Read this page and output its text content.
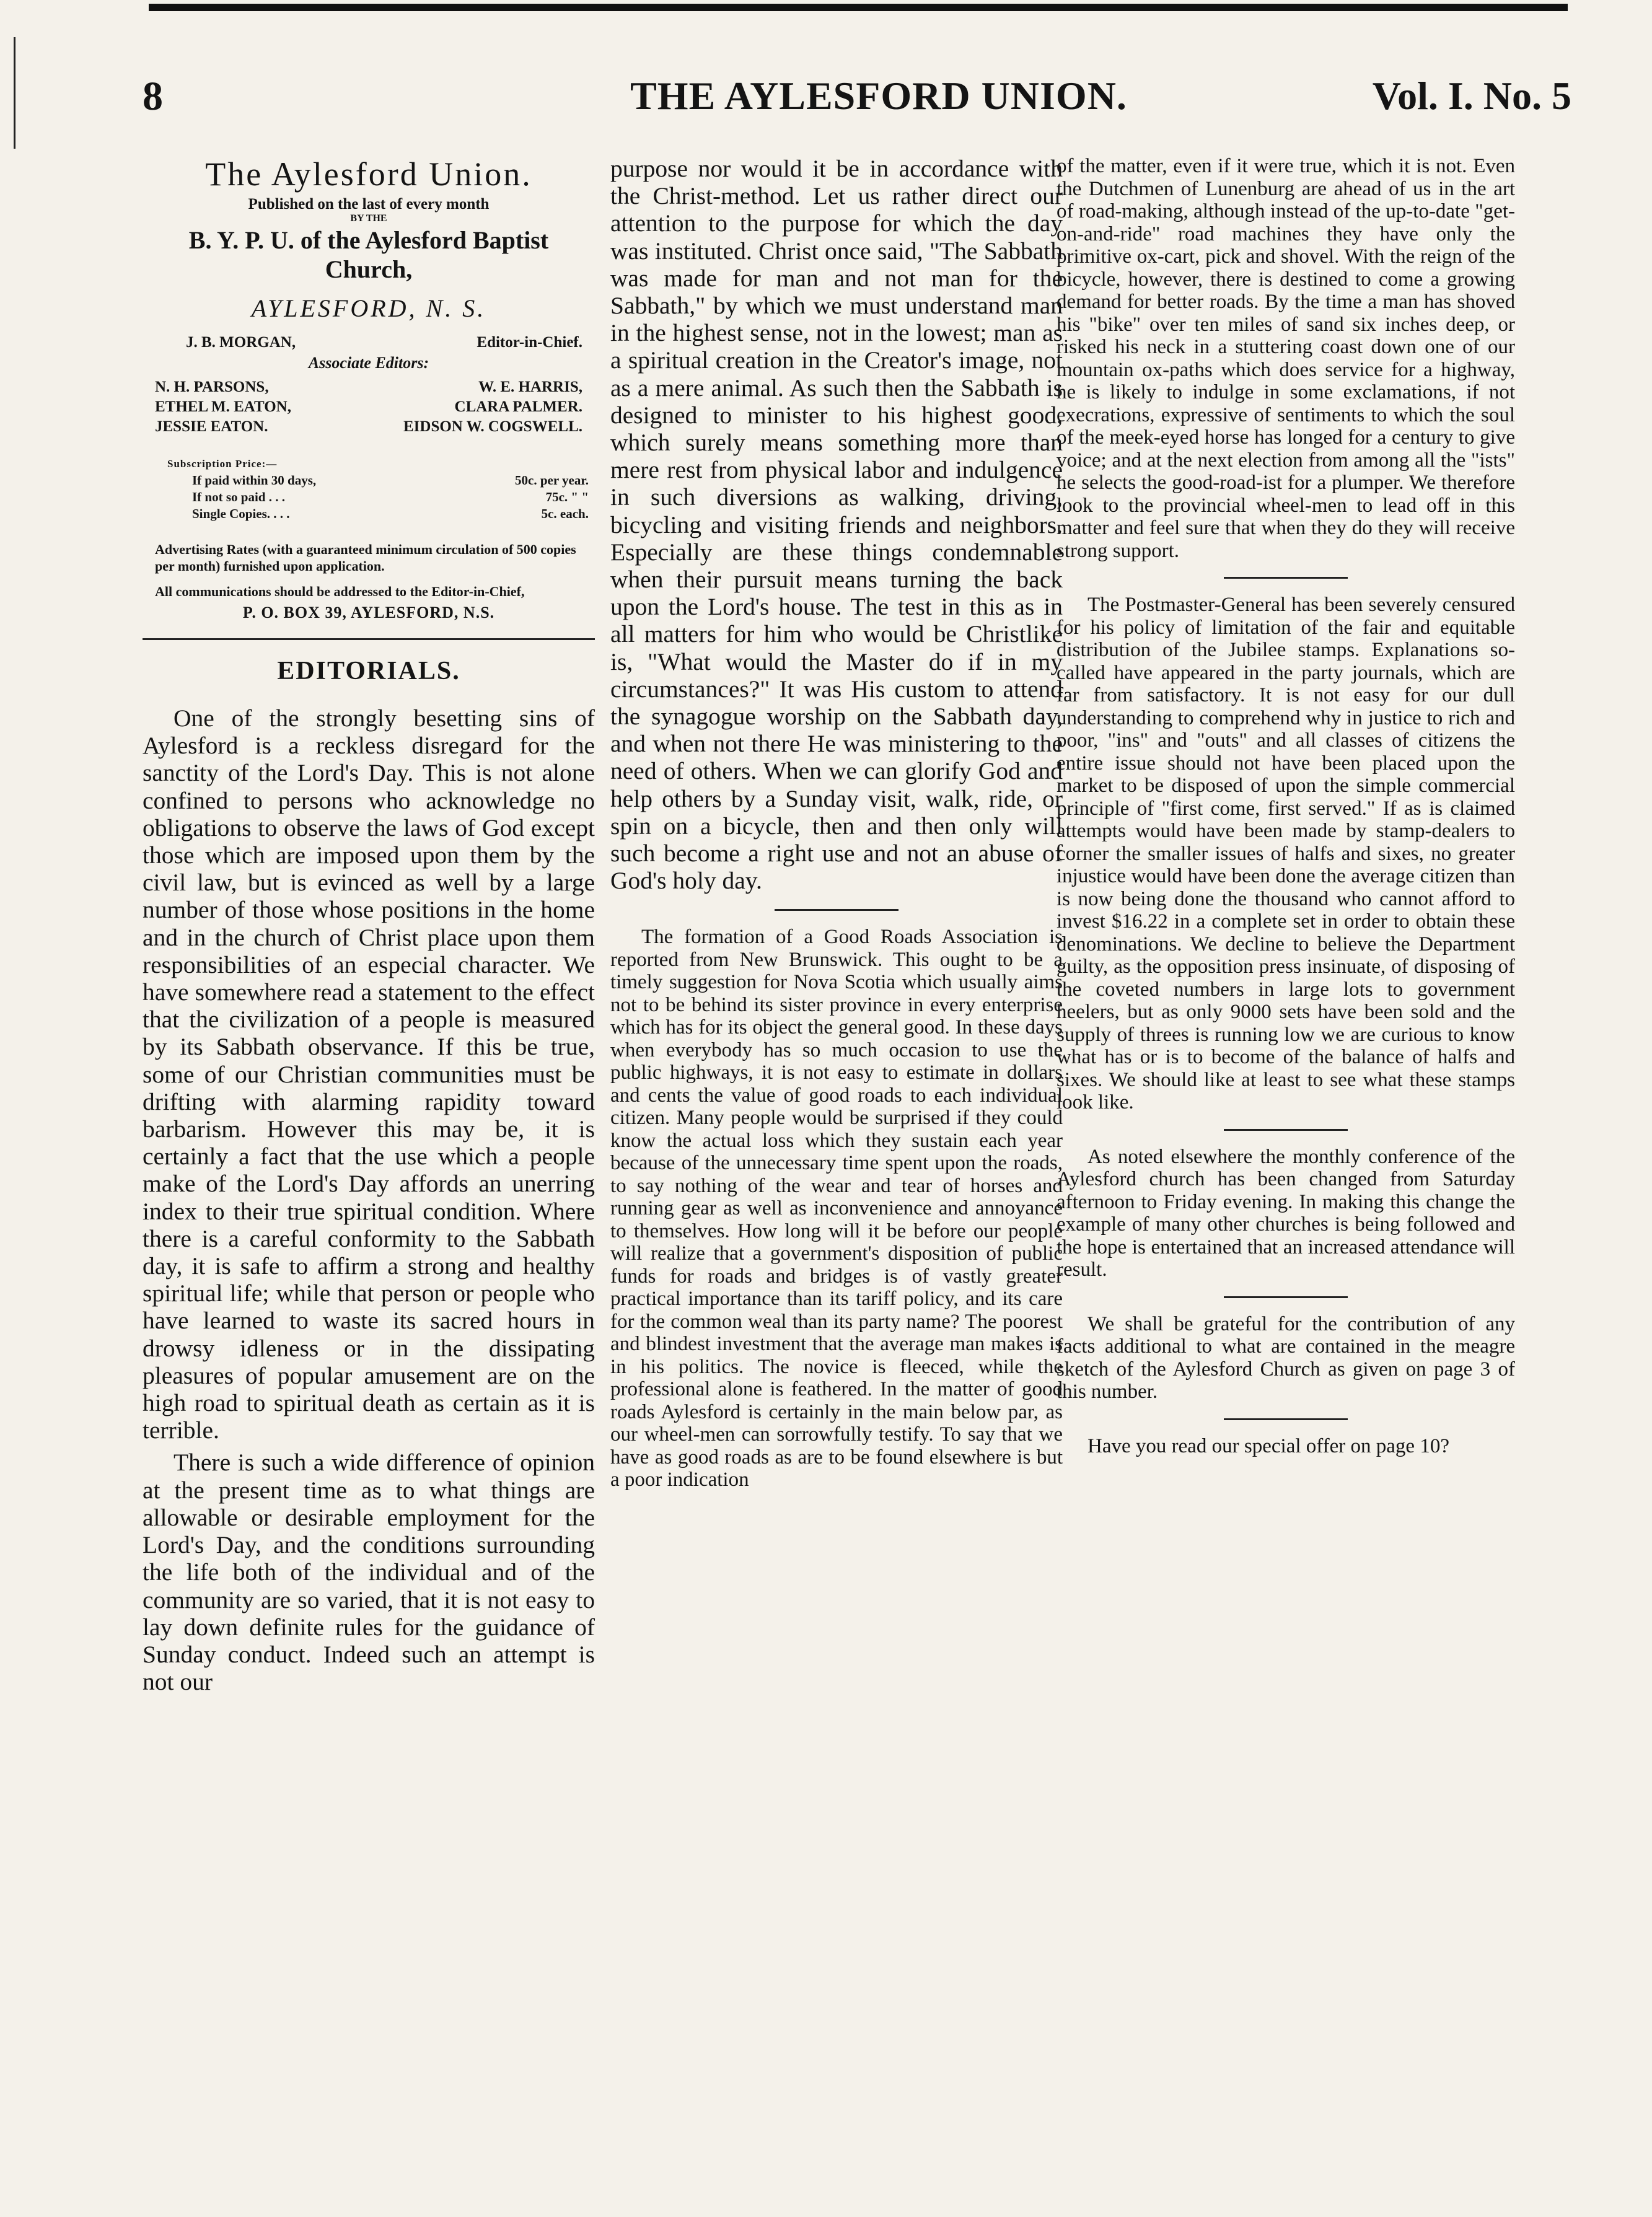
8	THE AYLESFORD UNION.	Vol. I. No. 5

The Aylesford Union.

Published on the last of every month

BY THE

B. Y. P. U. of the Aylesford Baptist Church,

AYLESFORD, N. S.

J. B. MORGAN,	Editor-in-Chief.

Associate Editors:

N. H. PARSONS,	W. E. HARRIS,
ETHEL M. EATON,	CLARA PALMER.
JESSIE EATON.	EIDSON W. COGSWELL.
Subscription Price:—
If paid within 30 days,	50c. per year.
If not so paid . . .	75c. " "
Single Copies. . . .	5c. each.

Advertising Rates (with a guaranteed minimum circulation of 500 copies per month) furnished upon application.

All communications should be addressed to the Editor-in-Chief,

P. O. BOX 39, AYLESFORD, N.S.

EDITORIALS.

One of the strongly besetting sins of Aylesford is a reckless disregard for the sanctity of the Lord's Day. This is not alone confined to persons who acknowledge no obligations to observe the laws of God except those which are imposed upon them by the civil law, but is evinced as well by a large number of those whose positions in the home and in the church of Christ place upon them responsibilities of an especial character. We have somewhere read a statement to the effect that the civilization of a people is measured by its Sabbath observance. If this be true, some of our Christian communities must be drifting with alarming rapidity toward barbarism. However this may be, it is certainly a fact that the use which a people make of the Lord's Day affords an unerring index to their true spiritual condition. Where there is a careful conformity to the Sabbath day, it is safe to affirm a strong and healthy spiritual life; while that person or people who have learned to waste its sacred hours in drowsy idleness or in the dissipating pleasures of popular amusement are on the high road to spiritual death as certain as it is terrible.

There is such a wide difference of opinion at the present time as to what things are allowable or desirable employment for the Lord's Day, and the conditions surrounding the life both of the individual and of the community are so varied, that it is not easy to lay down definite rules for the guidance of Sunday conduct. Indeed such an attempt is not our

purpose nor would it be in accordance with the Christ-method. Let us rather direct our attention to the purpose for which the day was instituted. Christ once said, "The Sabbath was made for man and not man for the Sabbath," by which we must understand man in the highest sense, not in the lowest; man as a spiritual creation in the Creator's image, not as a mere animal. As such then the Sabbath is designed to minister to his highest good, which surely means something more than mere rest from physical labor and indulgence in such diversions as walking, driving, bicycling and visiting friends and neighbors. Especially are these things condemnable when their pursuit means turning the back upon the Lord's house. The test in this as in all matters for him who would be Christlike is, "What would the Master do if in my circumstances?" It was His custom to attend the synagogue worship on the Sabbath day, and when not there He was ministering to the need of others. When we can glorify God and help others by a Sunday visit, walk, ride, or spin on a bicycle, then and then only will such become a right use and not an abuse of God's holy day.

The formation of a Good Roads Association is reported from New Brunswick. This ought to be a timely suggestion for Nova Scotia which usually aims not to be behind its sister province in every enterprise which has for its object the general good. In these days when everybody has so much occasion to use the public highways, it is not easy to estimate in dollars and cents the value of good roads to each individual citizen. Many people would be surprised if they could know the actual loss which they sustain each year because of the unnecessary time spent upon the roads, to say nothing of the wear and tear of horses and running gear as well as inconvenience and annoyance to themselves. How long will it be before our people will realize that a government's disposition of public funds for roads and bridges is of vastly greater practical importance than its tariff policy, and its care for the common weal than its party name? The poorest and blindest investment that the average man makes is in his politics. The novice is fleeced, while the professional alone is feathered. In the matter of good roads Aylesford is certainly in the main below par, as our wheel-men can sorrowfully testify. To say that we have as good roads as are to be found elsewhere is but a poor indication

of the matter, even if it were true, which it is not. Even the Dutchmen of Lunenburg are ahead of us in the art of road-making, although instead of the up-to-date "get-on-and-ride" road machines they have only the primitive ox-cart, pick and shovel. With the reign of the bicycle, however, there is destined to come a growing demand for better roads. By the time a man has shoved his "bike" over ten miles of sand six inches deep, or risked his neck in a stuttering coast down one of our mountain ox-paths which does service for a highway, he is likely to indulge in some exclamations, if not execrations, expressive of sentiments to which the soul of the meek-eyed horse has longed for a century to give voice; and at the next election from among all the "ists" he selects the good-road-ist for a plumper. We therefore look to the provincial wheel-men to lead off in this matter and feel sure that when they do they will receive strong support.

The Postmaster-General has been severely censured for his policy of limitation of the fair and equitable distribution of the Jubilee stamps. Explanations so-called have appeared in the party journals, which are far from satisfactory. It is not easy for our dull understanding to comprehend why in justice to rich and poor, "ins" and "outs" and all classes of citizens the entire issue should not have been placed upon the market to be disposed of upon the simple commercial principle of "first come, first served." If as is claimed attempts would have been made by stamp-dealers to corner the smaller issues of halfs and sixes, no greater injustice would have been done the average citizen than is now being done the thousand who cannot afford to invest $16.22 in a complete set in order to obtain these denominations. We decline to believe the Department guilty, as the opposition press insinuate, of disposing of the coveted numbers in large lots to government heelers, but as only 9000 sets have been sold and the supply of threes is running low we are curious to know what has or is to become of the balance of halfs and sixes. We should like at least to see what these stamps look like.

As noted elsewhere the monthly conference of the Aylesford church has been changed from Saturday afternoon to Friday evening. In making this change the example of many other churches is being followed and the hope is entertained that an increased attendance will result.

We shall be grateful for the contribution of any facts additional to what are contained in the meagre sketch of the Aylesford Church as given on page 3 of this number.

Have you read our special offer on page 10?
